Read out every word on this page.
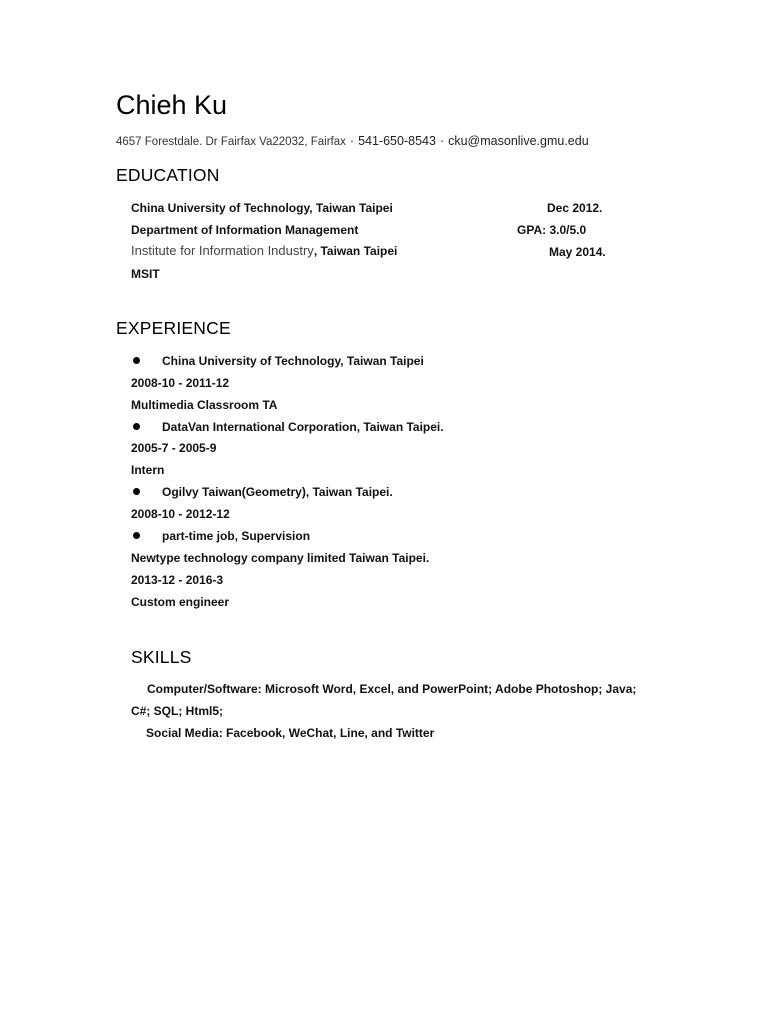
Chieh Ku
4657 Forestdale. Dr Fairfax Va22032, Fairfax · 541-650-8543 · cku@masonlive.gmu.edu
EDUCATION
China University of Technology, Taiwan Taipei	Dec 2012.
Department of Information Management	GPA: 3.0/5.0
Institute for Information Industry, Taiwan Taipei	May 2014.
MSIT
EXPERIENCE
China University of Technology, Taiwan Taipei
2008-10 - 2011-12
Multimedia Classroom TA
DataVan International Corporation, Taiwan Taipei.
2005-7 - 2005-9
Intern
Ogilvy Taiwan(Geometry), Taiwan Taipei.
2008-10 - 2012-12
part-time job, Supervision
Newtype technology company limited Taiwan Taipei.
2013-12 - 2016-3
Custom engineer
SKILLS
Computer/Software: Microsoft Word, Excel, and PowerPoint; Adobe Photoshop; Java;
C#; SQL; Html5;
Social Media: Facebook, WeChat, Line, and Twitter
